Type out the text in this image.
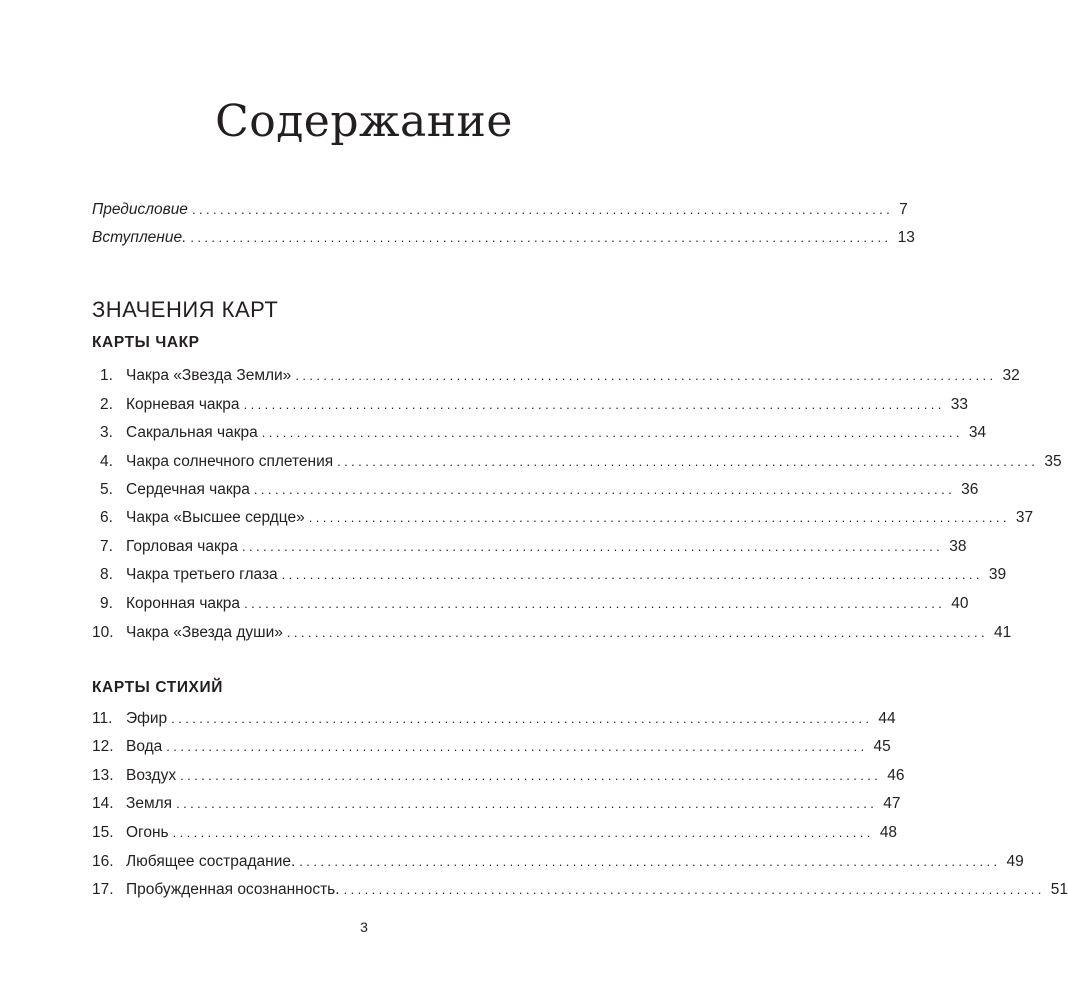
Содержание
Предисловие .................................................................................................... 7
Вступление. .................................................................................................... 13
ЗНАЧЕНИЯ КАРТ
КАРТЫ ЧАКР
1. Чакра «Звезда Земли» .................................................................................................... 32
2. Корневая чакра .................................................................................................... 33
3. Сакральная чакра .................................................................................................... 34
4. Чакра солнечного сплетения .................................................................................................... 35
5. Сердечная чакра .................................................................................................... 36
6. Чакра «Высшее сердце» .................................................................................................... 37
7. Горловая чакра .................................................................................................... 38
8. Чакра третьего глаза .................................................................................................... 39
9. Коронная чакра .................................................................................................... 40
10. Чакра «Звезда души» .................................................................................................... 41
КАРТЫ СТИХИЙ
11. Эфир .................................................................................................... 44
12. Вода .................................................................................................... 45
13. Воздух .................................................................................................... 46
14. Земля .................................................................................................... 47
15. Огонь .................................................................................................... 48
16. Любящее сострадание. .................................................................................................... 49
17. Пробужденная осознанность. .................................................................................................... 51
3
